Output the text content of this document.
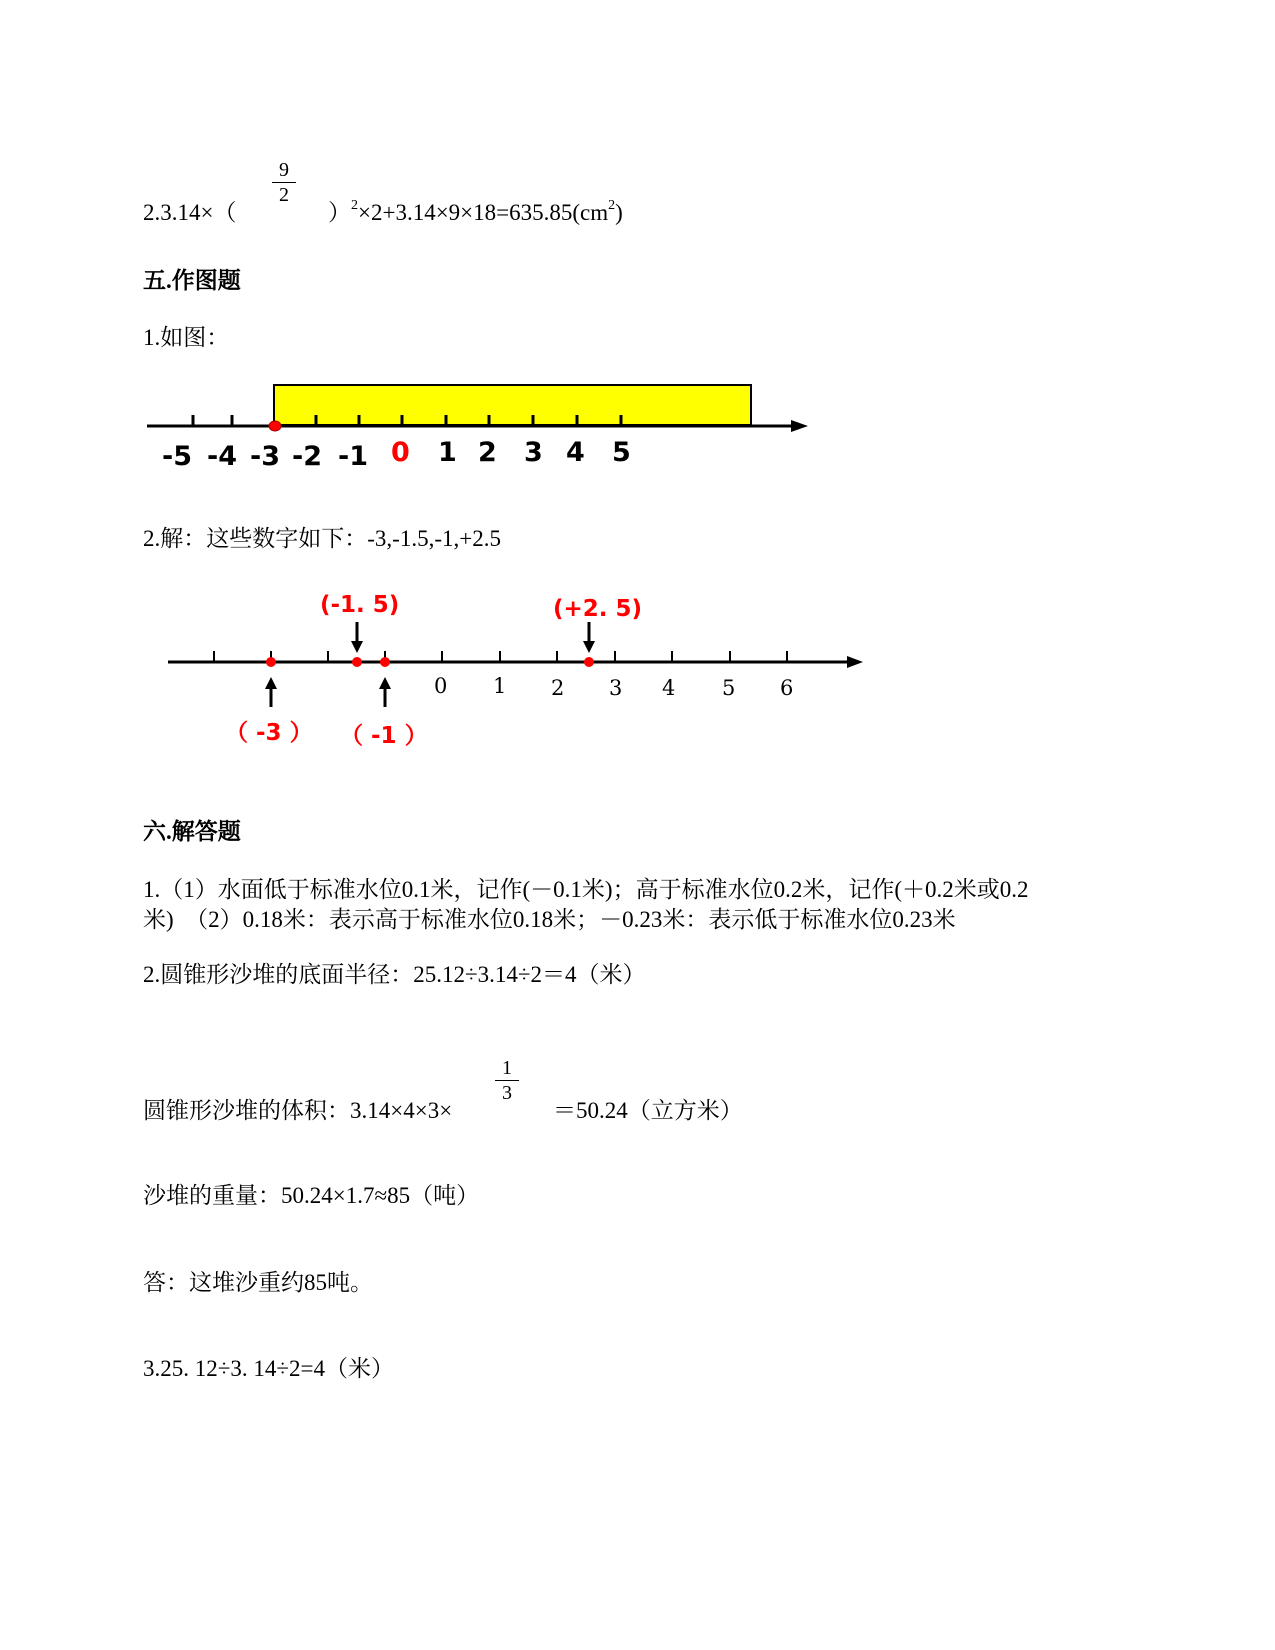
2.3.14×（
$\frac{9}{2}$
）$^2\times 2+3.14\times 9\times 18=635.85(cm^2)$
五.作图题
1.如图：
-5 -4 -3 -2 -1 0 1 2 3 4 5
2.解：这些数字如下：-3,-1.5,-1,+2.5
0 1 2 3 4 5 6
(-1. 5)	(+2. 5)
（ -3 ） （ -1 ）
六.解答题
1.（1）水面低于标准水位0.1米，记作(－0.1米)；高于标准水位0.2米，记作(＋0.2米或0.2
米)　（2）0.18米：表示高于标准水位0.18米；－0.23米：表示低于标准水位0.23米
2.圆锥形沙堆的底面半径：25.12÷3.14÷2＝4（米）
圆锥形沙堆的体积：3.14×4×3×
$\frac{1}{3}$
＝50.24（立方米）
沙堆的重量：50.24×1.7≈85（吨）
答：这堆沙重约85吨。
3.25. 12÷3. 14÷2=4（米）
